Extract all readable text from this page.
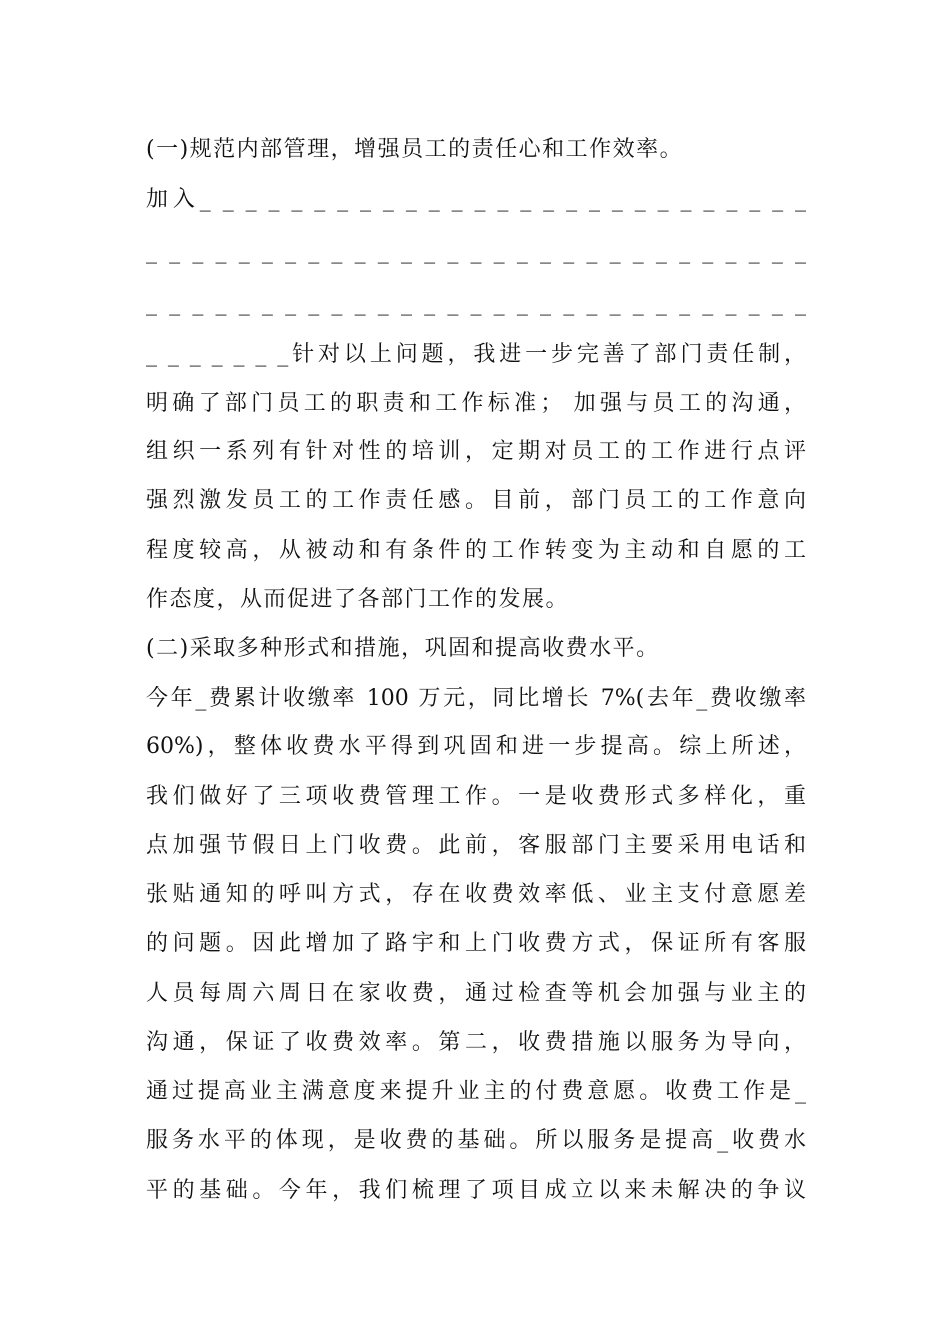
(一)规范内部管理，增强员工的责任心和工作效率。
加入_ _ _ _ _ _ _ _ _ _ _ _ _ _ _ _ _ _ _ _ _ _ _ _ _ _ _
_ _ _ _ _ _ _ _ _ _ _ _ _ _ _ _ _ _ _ _ _ _ _ _ _ _ _ _ _
_ _ _ _ _ _ _ _ _ _ _ _ _ _ _ _ _ _ _ _ _ _ _ _ _ _ _ _ _
_ _ _ _ _ _ _针对以上问题，我进一步完善了部门责任制，
明确了部门员工的职责和工作标准； 加强与员工的沟通，
组织一系列有针对性的培训，定期对员工的工作进行点评
强烈激发员工的工作责任感。目前，部门员工的工作意向
程度较高，从被动和有条件的工作转变为主动和自愿的工
作态度，从而促进了各部门工作的发展。
(二)采取多种形式和措施，巩固和提高收费水平。
今年_费累计收缴率 100 万元，同比增长 7%(去年_费收缴率
60%)，整体收费水平得到巩固和进一步提高。综上所述，
我们做好了三项收费管理工作。一是收费形式多样化，重
点加强节假日上门收费。此前，客服部门主要采用电话和
张贴通知的呼叫方式，存在收费效率低、业主支付意愿差
的问题。因此增加了路宇和上门收费方式，保证所有客服
人员每周六周日在家收费，通过检查等机会加强与业主的
沟通，保证了收费效率。第二，收费措施以服务为导向，
通过提高业主满意度来提升业主的付费意愿。收费工作是_
服务水平的体现，是收费的基础。所以服务是提高_收费水
平的基础。今年，我们梳理了项目成立以来未解决的争议
